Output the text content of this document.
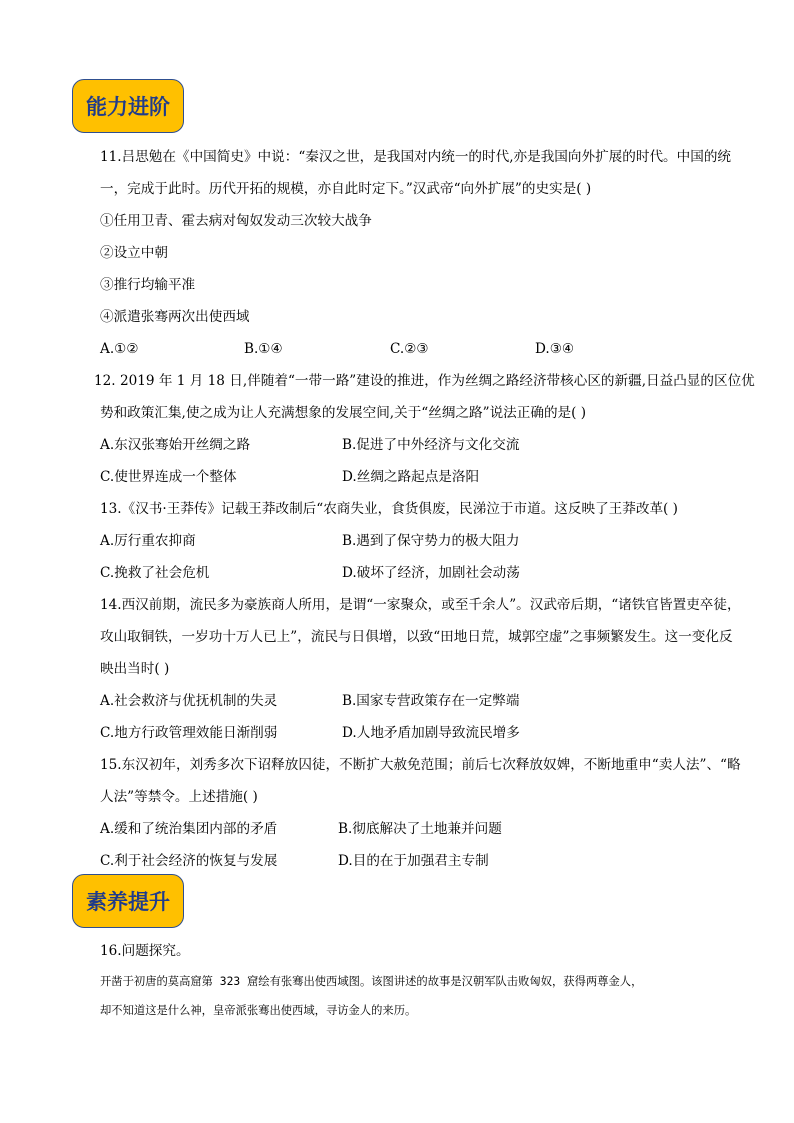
能力进阶
11.吕思勉在《中国简史》中说：“秦汉之世，是我国对内统一的时代,亦是我国向外扩展的时代。中国的统
一，完成于此时。历代开拓的规模，亦自此时定下。”汉武帝“向外扩展”的史实是( )
①任用卫青、霍去病对匈奴发动三次较大战争
②设立中朝
③推行均输平准
④派遣张骞两次出使西域
A.①②	B.①④	C.②③	D.③④
12. 2019 年 1 月 18 日,伴随着“一带一路”建设的推进，作为丝绸之路经济带核心区的新疆,日益凸显的区位优
势和政策汇集,使之成为让人充满想象的发展空间,关于“丝绸之路”说法正确的是( )
A.东汉张骞始开丝绸之路	B.促进了中外经济与文化交流
C.使世界连成一个整体	D.丝绸之路起点是洛阳
13.《汉书·王莽传》记载王莽改制后“农商失业，食货俱废，民涕泣于市道。这反映了王莽改革( )
A.厉行重农抑商	B.遇到了保守势力的极大阻力
C.挽救了社会危机	D.破坏了经济，加剧社会动荡
14.西汉前期，流民多为豪族商人所用，是谓“一家聚众，或至千余人”。汉武帝后期，“诸铁官皆置吏卒徒，
攻山取铜铁，一岁功十万人已上”，流民与日俱增，以致“田地日荒，城郭空虚”之事频繁发生。这一变化反
映出当时( )
A.社会救济与优抚机制的失灵	B.国家专营政策存在一定弊端
C.地方行政管理效能日渐削弱	D.人地矛盾加剧导致流民增多
15.东汉初年，刘秀多次下诏释放囚徒，不断扩大赦免范围；前后七次释放奴婢，不断地重申“卖人法”、“略
人法”等禁令。上述措施( )
A.缓和了统治集团内部的矛盾	B.彻底解决了土地兼并问题
C.利于社会经济的恢复与发展	D.目的在于加强君主专制
素养提升
16.问题探究。
开凿于初唐的莫高窟第 323 窟绘有张骞出使西域图。该图讲述的故事是汉朝军队击败匈奴，获得两尊金人，
却不知道这是什么神，皇帝派张骞出使西域，寻访金人的来历。
